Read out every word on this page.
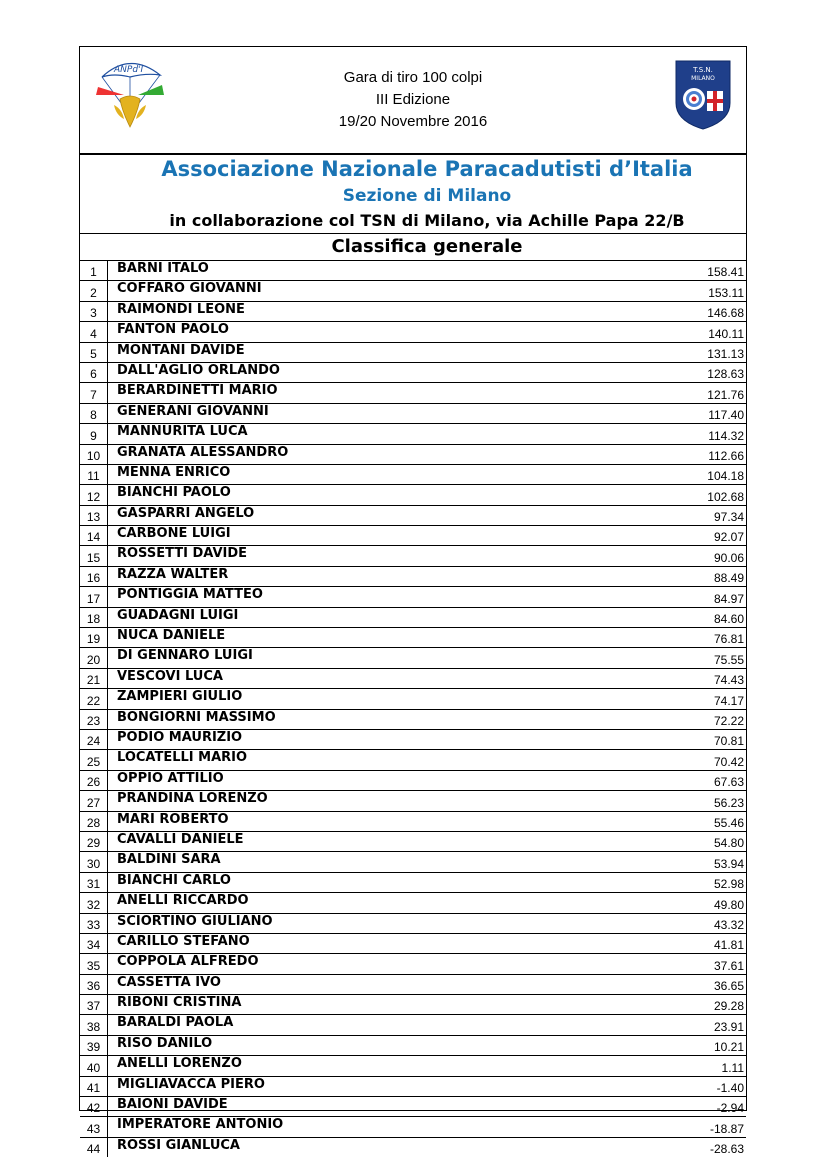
ANPd'I	Gara di tiro 100 colpi
III Edizione
19/20 Novembre 2016
T.S.N.
MILANO
Associazione Nazionale Paracadutisti d’Italia
Sezione di Milano
in collaborazione col TSN di Milano, via Achille Papa 22/B
Classifica generale
1	BARNI ITALO	158.41
2	COFFARO GIOVANNI	153.11
3	RAIMONDI LEONE	146.68
4	FANTON PAOLO	140.11
5	MONTANI DAVIDE	131.13
6	DALL'AGLIO ORLANDO	128.63
7	BERARDINETTI MARIO	121.76
8	GENERANI GIOVANNI	117.40
9	MANNURITA LUCA	114.32
10	GRANATA ALESSANDRO	112.66
11	MENNA ENRICO	104.18
12	BIANCHI PAOLO	102.68
13	GASPARRI ANGELO	97.34
14	CARBONE LUIGI	92.07
15	ROSSETTI DAVIDE	90.06
16	RAZZA WALTER	88.49
17	PONTIGGIA MATTEO	84.97
18	GUADAGNI LUIGI	84.60
19	NUCA DANIELE	76.81
20	DI GENNARO LUIGI	75.55
21	VESCOVI LUCA	74.43
22	ZAMPIERI GIULIO	74.17
23	BONGIORNI MASSIMO	72.22
24	PODIO MAURIZIO	70.81
25	LOCATELLI MARIO	70.42
26	OPPIO ATTILIO	67.63
27	PRANDINA LORENZO	56.23
28	MARI ROBERTO	55.46
29	CAVALLI DANIELE	54.80
30	BALDINI SARA	53.94
31	BIANCHI CARLO	52.98
32	ANELLI RICCARDO	49.80
33	SCIORTINO GIULIANO	43.32
34	CARILLO STEFANO	41.81
35	COPPOLA ALFREDO	37.61
36	CASSETTA IVO	36.65
37	RIBONI CRISTINA	29.28
38	BARALDI PAOLA	23.91
39	RISO DANILO	10.21
40	ANELLI LORENZO	1.11
41	MIGLIAVACCA PIERO	-1.40
42	BAIONI DAVIDE	-2.94
43	IMPERATORE ANTONIO	-18.87
44	ROSSI GIANLUCA	-28.63
